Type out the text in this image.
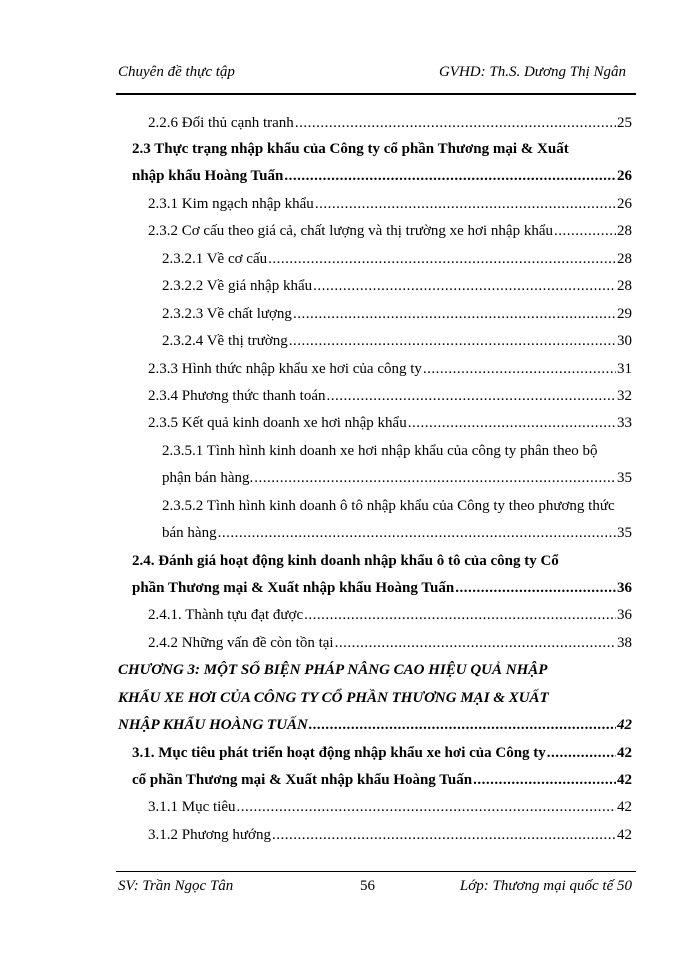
Chuyên đề thực tập	GVHD: Th.S. Dương Thị Ngân
2.2.6 Đối thủ cạnh tranh .....	25
2.3 Thực trạng nhập khẩu của Công ty cổ phần Thương mại & Xuất
nhập khẩu Hoàng Tuấn .....	26
2.3.1 Kim ngạch nhập khẩu .....	26
2.3.2 Cơ cấu theo giá cả, chất lượng và thị trường xe hơi nhập khẩu .....	28
2.3.2.1 Về cơ cấu .....	28
2.3.2.2 Về giá nhập khẩu .....	28
2.3.2.3 Về chất lượng .....	29
2.3.2.4 Về thị trường .....	30
2.3.3 Hình thức nhập khẩu xe hơi của công ty .....	31
2.3.4 Phương thức thanh toán .....	32
2.3.5 Kết quả kinh doanh xe hơi nhập khẩu .....	33
2.3.5.1 Tình hình kinh doanh xe hơi nhập khẩu của công ty phân theo bộ
phận bán hàng. .....	35
2.3.5.2 Tình hình kinh doanh ô tô nhập khẩu của Công ty theo phương thức
bán hàng .....	35
2.4. Đánh giá hoạt động kinh doanh nhập khẩu ô tô của công ty Cổ
phần Thương mại & Xuất nhập khẩu Hoàng Tuấn .....	36
2.4.1. Thành tựu đạt được .....	36
2.4.2 Những vấn đề còn tồn tại .....	38
CHƯƠNG 3: MỘT SỐ BIỆN PHÁP NÂNG CAO HIỆU QUẢ NHẬP
KHẨU XE HƠI CỦA CÔNG TY CỔ PHẦN THƯƠNG MẠI & XUẤT
NHẬP KHẨU HOÀNG TUẤN .....	42
3.1. Mục tiêu phát triển hoạt động nhập khẩu xe hơi của Công ty .....	42
cổ phần Thương mại & Xuất nhập khẩu Hoàng Tuấn .....	42
3.1.1 Mục tiêu .....	42
3.1.2 Phương hướng .....	42
SV: Trần Ngọc Tân	56	Lớp: Thương mại quốc tế 50
